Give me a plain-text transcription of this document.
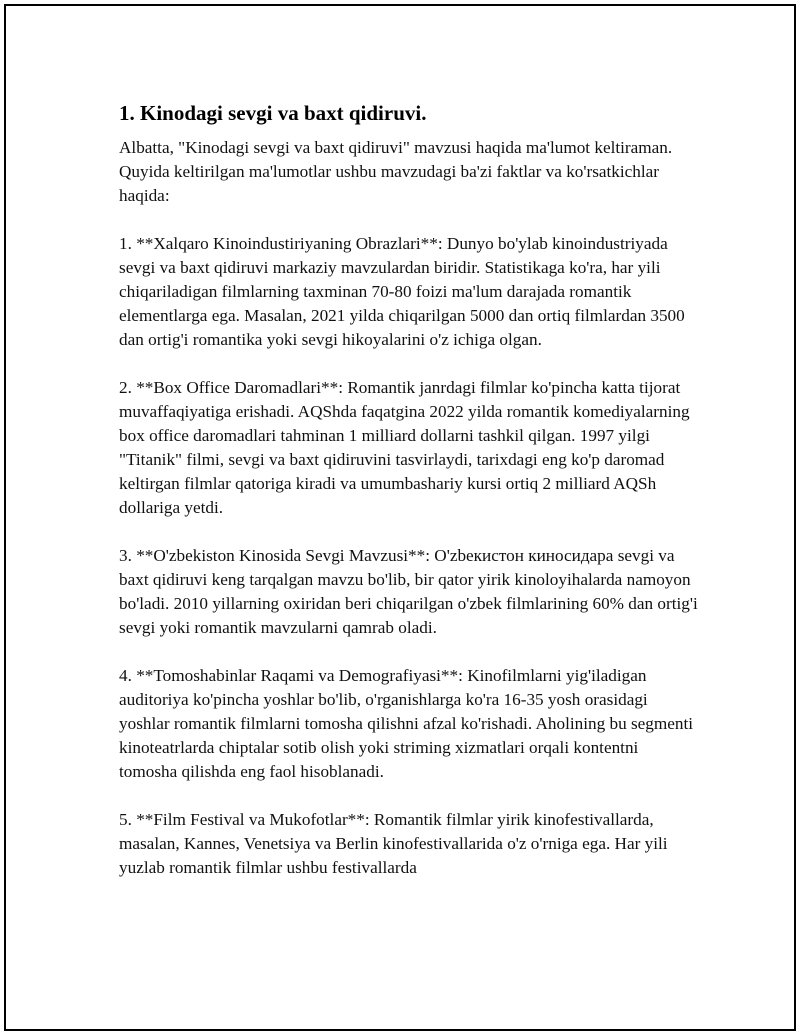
1. Kinodagi sevgi va baxt qidiruvi.

Albatta, "Kinodagi sevgi va baxt qidiruvi" mavzusi haqida ma'lumot keltiraman. Quyida keltirilgan ma'lumotlar ushbu mavzudagi ba'zi faktlar va ko'rsatkichlar haqida:

1. **Xalqaro Kinoindustiriyaning Obrazlari**: Dunyo bo'ylab kinoindustriyada sevgi va baxt qidiruvi markaziy mavzulardan biridir. Statistikaga ko'ra, har yili chiqariladigan filmlarning taxminan 70-80 foizi ma'lum darajada romantik elementlarga ega. Masalan, 2021 yilda chiqarilgan 5000 dan ortiq filmlardan 3500 dan ortig'i romantika yoki sevgi hikoyalarini o'z ichiga olgan.

2. **Box Office Daromadlari**: Romantik janrdagi filmlar ko'pincha katta tijorat muvaffaqiyatiga erishadi. AQShda faqatgina 2022 yilda romantik komediyalarning box office daromadlari tahminan 1 milliard dollarni tashkil qilgan. 1997 yilgi "Titanik" filmi, sevgi va baxt qidiruvini tasvirlaydi, tarixdagi eng ko'p daromad keltirgan filmlar qatoriga kiradi va umumbashariy kursi ortiq 2 milliard AQSh dollariga yetdi.

3. **O'zbekiston Kinosida Sevgi Mavzusi**: O'zbекистон киносидара sevgi va baxt qidiruvi keng tarqalgan mavzu bo'lib, bir qator yirik kinoloyihalarda namoyon bo'ladi. 2010 yillarning oxiridan beri chiqarilgan o'zbek filmlarining 60% dan ortig'i sevgi yoki romantik mavzularni qamrab oladi.

4. **Tomoshabinlar Raqami va Demografiyasi**: Kinofilmlarni yig'iladigan auditoriya ko'pincha yoshlar bo'lib, o'rganishlarga ko'ra 16-35 yosh orasidagi yoshlar romantik filmlarni tomosha qilishni afzal ko'rishadi. Aholining bu segmenti kinoteatrlarda chiptalar sotib olish yoki striming xizmatlari orqali kontentni tomosha qilishda eng faol hisoblanadi.

5. **Film Festival va Mukofotlar**: Romantik filmlar yirik kinofestivallarda, masalan, Kannes, Venetsiya va Berlin kinofestivallarida o'z o'rniga ega. Har yili yuzlab romantik filmlar ushbu festivallarda
